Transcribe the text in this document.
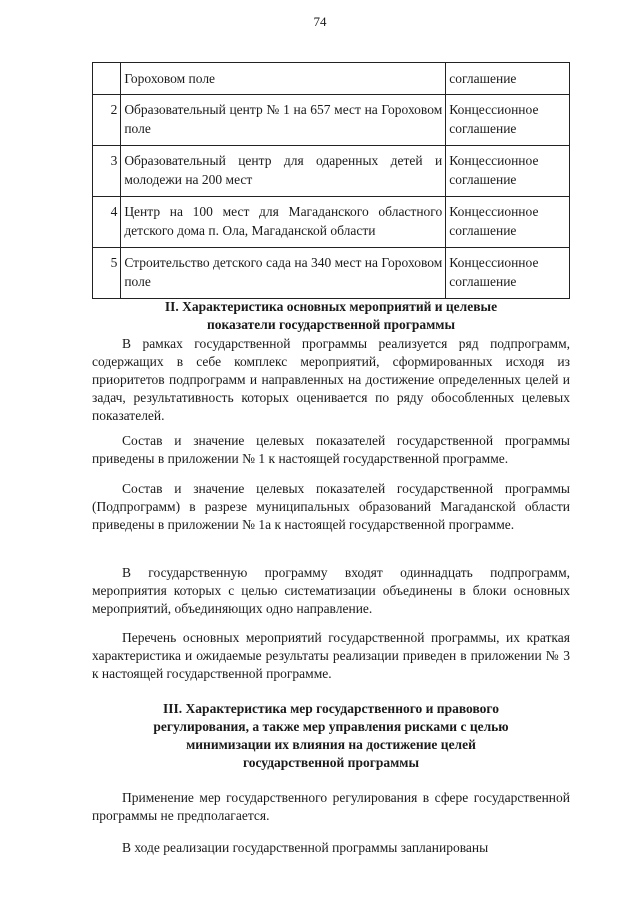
74
	Гороховом поле	соглашение
2	Образовательный центр № 1 на 657 мест на Гороховом поле	Концессионное соглашение
3	Образовательный центр для одаренных детей и молодежи на 200 мест	Концессионное соглашение
4	Центр на 100 мест для Магаданского областного детского дома п. Ола, Магаданской области	Концессионное соглашение
5	Строительство детского сада на 340 мест на Гороховом поле	Концессионное соглашение
II. Характеристика основных мероприятий и целевые
показатели государственной программы
В рамках государственной программы реализуется ряд подпрограмм, содержащих в себе комплекс мероприятий, сформированных исходя из приоритетов подпрограмм и направленных на достижение определенных целей и задач, результативность которых оценивается по ряду обособленных целевых показателей.
Состав и значение целевых показателей государственной программы приведены в приложении № 1 к настоящей государственной программе.
Состав и значение целевых показателей государственной программы (Подпрограмм) в разрезе муниципальных образований Магаданской области приведены в приложении № 1а к настоящей государственной программе.
В государственную программу входят одиннадцать подпрограмм, мероприятия которых с целью систематизации объединены в блоки основных мероприятий, объединяющих одно направление.
Перечень основных мероприятий государственной программы, их краткая характеристика и ожидаемые результаты реализации приведен в приложении № 3 к настоящей государственной программе.
III. Характеристика мер государственного и правового
регулирования, а также мер управления рисками с целью
минимизации их влияния на достижение целей
государственной программы
Применение мер государственного регулирования в сфере государственной программы не предполагается.
В ходе реализации государственной программы запланированы
